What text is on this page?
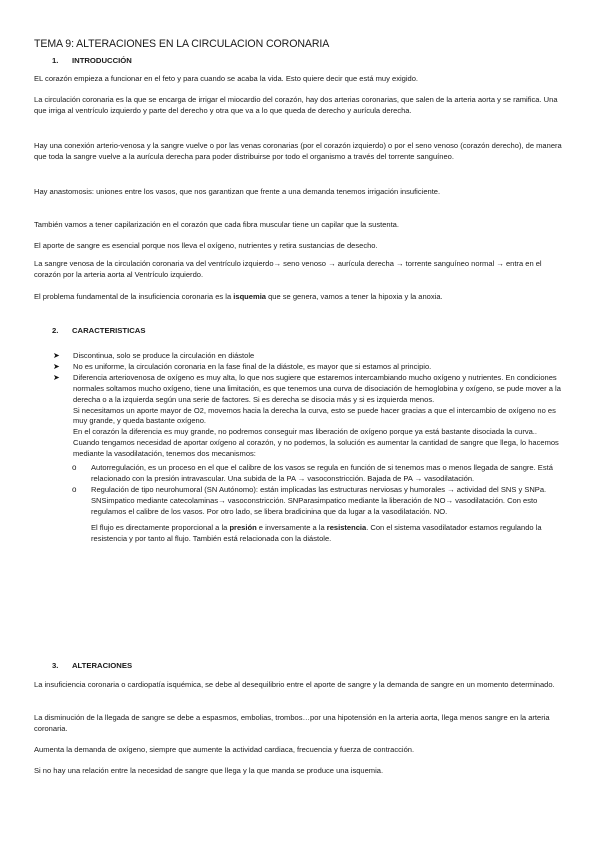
TEMA 9: ALTERACIONES EN LA CIRCULACION CORONARIA
1. INTRODUCCIÓN

EL corazón empieza a funcionar en el feto y para cuando se acaba la vida. Esto quiere decir que está muy exigido.

La circulación coronaria es la que se encarga de irrigar el miocardio del corazón, hay dos arterias coronarias, que salen de la arteria aorta y se ramifica. Una que irriga al ventrículo izquierdo y parte del derecho y otra que va a lo que queda de derecho y aurícula derecha.

Hay una conexión arterio-venosa y la sangre vuelve o por las venas coronarias (por el corazón izquierdo) o por el seno venoso (corazón derecho), de manera que toda la sangre vuelve a la aurícula derecha para poder distribuirse por todo el organismo a través del torrente sanguíneo.

Hay anastomosis: uniones entre los vasos, que nos garantizan que frente a una demanda tenemos irrigación insuficiente.

También vamos a tener capilarización en el corazón que cada fibra muscular tiene un capilar que la sustenta.

El aporte de sangre es esencial porque nos lleva el oxígeno, nutrientes y retira sustancias de desecho.

La sangre venosa de la circulación coronaria va del ventrículo izquierdo→ seno venoso → aurícula derecha → torrente sanguíneo normal → entra en el corazón por la arteria aorta al Ventrículo izquierdo.

El problema fundamental de la insuficiencia coronaria es la isquemia que se genera, vamos a tener la hipoxia y la anoxia.

2. CARACTERISTICAS

➤	Discontinua, solo se produce la circulación en diástole

➤	No es uniforme, la circulación coronaria en la fase final de la diástole, es mayor que si estamos al principio.

➤	Diferencia arteriovenosa de oxígeno es muy alta, lo que nos sugiere que estaremos intercambiando mucho oxígeno y nutrientes. En condiciones normales soltamos mucho oxígeno, tiene una limitación, es que tenemos una curva de disociación de hemoglobina y oxígeno, se pude mover a la derecha o a la izquierda según una serie de factores. Si es derecha se disocia más y si es izquierda menos.

Si necesitamos un aporte mayor de O2, movemos hacia la derecha la curva, esto se puede hacer gracias a que el intercambio de oxígeno no es muy grande, y queda bastante oxígeno.

En el corazón la diferencia es muy grande, no podremos conseguir mas liberación de oxígeno porque ya está bastante disociada la curva..

Cuando tengamos necesidad de aportar oxígeno al corazón, y no podemos, la solución es aumentar la cantidad de sangre que llega, lo hacemos mediante la vasodilatación, tenemos dos mecanismos:

o Autorregulación, es un proceso en el que el calibre de los vasos se regula en función de si tenemos mas o menos llegada de sangre. Está relacionado con la presión intravascular. Una subida de la PA → vasoconstricción. Bajada de PA → vasodilatación.

o Regulación de tipo neurohumoral (SN Autónomo): están implicadas las estructuras nerviosas y humorales → actividad del SNS y SNPa. SNSimpatico mediante catecolaminas→ vasoconstricción. SNParasimpatico mediante la liberación de NO→ vasodilatación. Con esto regulamos el calibre de los vasos. Por otro lado, se libera bradicinina que da lugar a la vasodilatación. NO.

El flujo es directamente proporcional a la presión e inversamente a la resistencia. Con el sistema vasodilatador estamos regulando la resistencia y por tanto al flujo. También está relacionada con la diástole.

3. ALTERACIONES

La insuficiencia coronaria o cardiopatía isquémica, se debe al desequilibrio entre el aporte de sangre y la demanda de sangre en un momento determinado.

La disminución de la llegada de sangre se debe a espasmos, embolias, trombos…por una hipotensión en la arteria aorta, llega menos sangre en la arteria coronaria.

Aumenta la demanda de oxígeno, siempre que aumente la actividad cardiaca, frecuencia y fuerza de contracción.

Si no hay una relación entre la necesidad de sangre que llega y la que manda se produce una isquemia.
